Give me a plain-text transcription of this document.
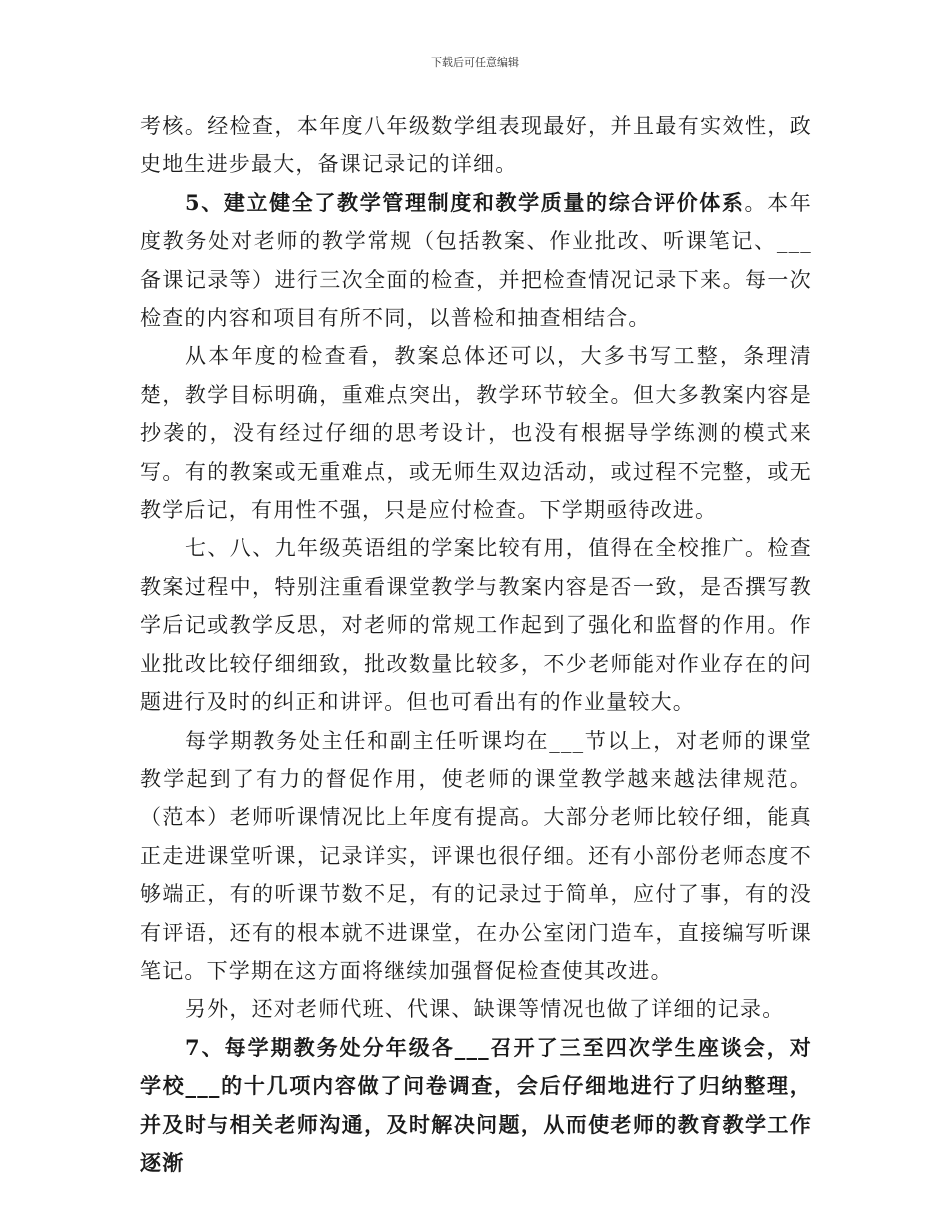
下载后可任意编辑

考核。经检查，本年度八年级数学组表现最好，并且最有实效性，政史地生进步最大，备课记录记的详细。

5、建立健全了教学管理制度和教学质量的综合评价体系。本年度教务处对老师的教学常规（包括教案、作业批改、听课笔记、___备课记录等）进行三次全面的检查，并把检查情况记录下来。每一次检查的内容和项目有所不同，以普检和抽查相结合。

从本年度的检查看，教案总体还可以，大多书写工整，条理清楚，教学目标明确，重难点突出，教学环节较全。但大多教案内容是抄袭的，没有经过仔细的思考设计，也没有根据导学练测的模式来写。有的教案或无重难点，或无师生双边活动，或过程不完整，或无教学后记，有用性不强，只是应付检查。下学期亟待改进。

七、八、九年级英语组的学案比较有用，值得在全校推广。检查教案过程中，特别注重看课堂教学与教案内容是否一致，是否撰写教学后记或教学反思，对老师的常规工作起到了强化和监督的作用。作业批改比较仔细细致，批改数量比较多，不少老师能对作业存在的问题进行及时的纠正和讲评。但也可看出有的作业量较大。

每学期教务处主任和副主任听课均在___节以上，对老师的课堂教学起到了有力的督促作用，使老师的课堂教学越来越法律规范。（范本）老师听课情况比上年度有提高。大部分老师比较仔细，能真正走进课堂听课，记录详实，评课也很仔细。还有小部份老师态度不够端正，有的听课节数不足，有的记录过于简单，应付了事，有的没有评语，还有的根本就不进课堂，在办公室闭门造车，直接编写听课笔记。下学期在这方面将继续加强督促检查使其改进。

另外，还对老师代班、代课、缺课等情况也做了详细的记录。

7、每学期教务处分年级各___召开了三至四次学生座谈会，对学校___的十几项内容做了问卷调查，会后仔细地进行了归纳整理，并及时与相关老师沟通，及时解决问题，从而使老师的教育教学工作逐渐
